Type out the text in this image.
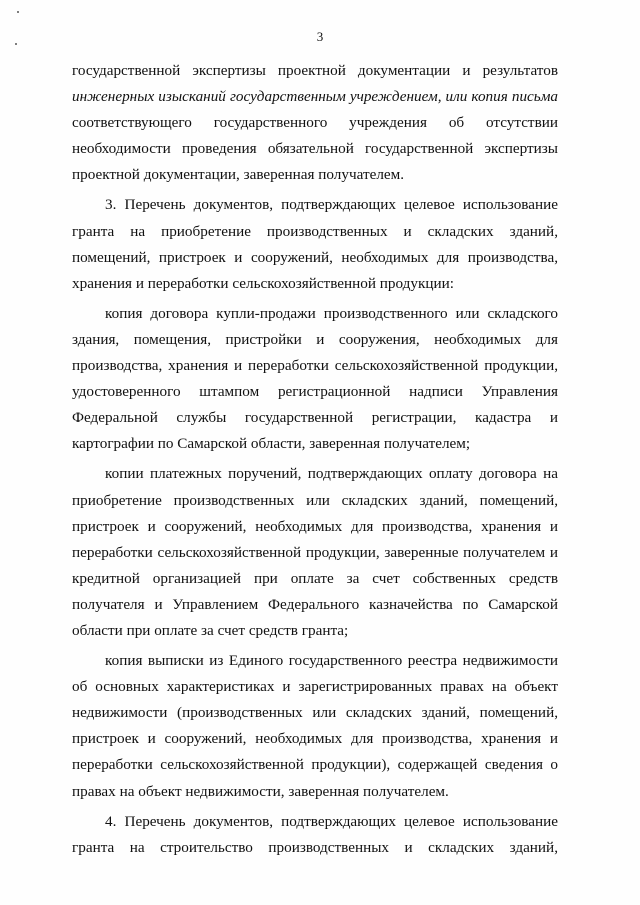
3
государственной экспертизы проектной документации и результатов
инженерных изысканий государственным учреждением, или копия письма
соответствующего государственного учреждения об отсутствии
необходимости проведения обязательной государственной экспертизы
проектной документации, заверенная получателем.
3. Перечень документов, подтверждающих целевое использование
гранта на приобретение производственных и складских зданий,
помещений, пристроек и сооружений, необходимых для производства,
хранения и переработки сельскохозяйственной продукции:
копия договора купли-продажи производственного или складского
здания, помещения, пристройки и сооружения, необходимых для
производства, хранения и переработки сельскохозяйственной продукции,
удостоверенного штампом регистрационной надписи Управления
Федеральной службы государственной регистрации, кадастра и
картографии по Самарской области, заверенная получателем;
копии платежных поручений, подтверждающих оплату договора на
приобретение производственных или складских зданий, помещений,
пристроек и сооружений, необходимых для производства, хранения и
переработки сельскохозяйственной продукции, заверенные получателем и
кредитной организацией при оплате за счет собственных средств
получателя и Управлением Федерального казначейства по Самарской
области при оплате за счет средств гранта;
копия выписки из Единого государственного реестра недвижимости
об основных характеристиках и зарегистрированных правах на объект
недвижимости (производственных или складских зданий, помещений,
пристроек и сооружений, необходимых для производства, хранения и
переработки сельскохозяйственной продукции), содержащей сведения о
правах на объект недвижимости, заверенная получателем.
4. Перечень документов, подтверждающих целевое использование
гранта на строительство производственных и складских зданий,
